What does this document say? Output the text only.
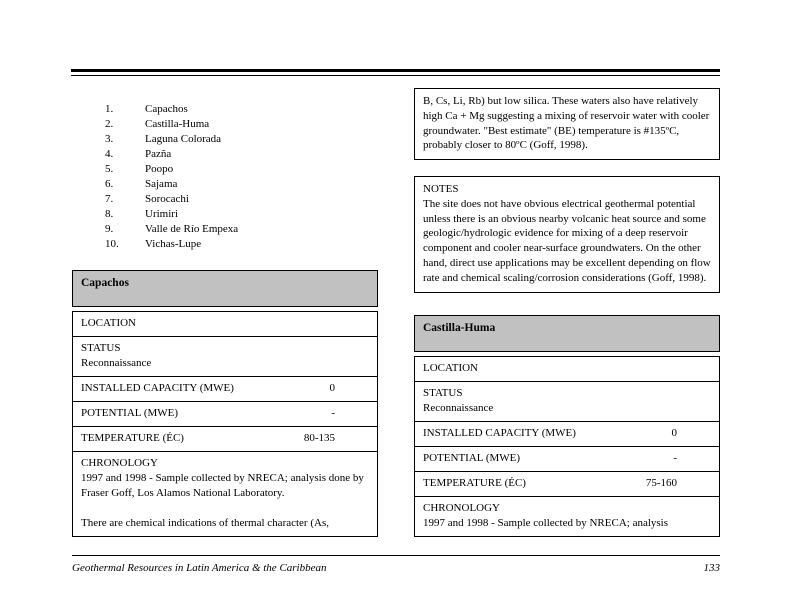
1.	Capachos
2.	Castilla-Huma
3.	Laguna Colorada
4.	Pazña
5.	Poopo
6.	Sajama
7.	Sorocachi
8.	Urimiri
9.	Valle de Río Empexa
10.	Vichas-Lupe
Capachos
LOCATION
STATUS
Reconnaissance
INSTALLED CAPACITY (MWE)	0
POTENTIAL (MWE)	-
TEMPERATURE (ÉC)	80-135
CHRONOLOGY
1997 and 1998 - Sample collected by NRECA; analysis done by Fraser Goff, Los Alamos National Laboratory.
There are chemical indications of thermal character (As,
B, Cs, Li, Rb) but low silica. These waters also have relatively high Ca + Mg suggesting a mixing of reservoir water with cooler groundwater. "Best estimate" (BE) temperature is #135ºC, probably closer to 80ºC (Goff, 1998).
NOTES
The site does not have obvious electrical geothermal potential unless there is an obvious nearby volcanic heat source and some geologic/hydrologic evidence for mixing of a deep reservoir component and cooler near-surface groundwaters. On the other hand, direct use applications may be excellent depending on flow rate and chemical scaling/corrosion considerations (Goff, 1998).
Castilla-Huma
LOCATION
STATUS
Reconnaissance
INSTALLED CAPACITY (MWE)	0
POTENTIAL (MWE)	-
TEMPERATURE (ÉC)	75-160
CHRONOLOGY
1997 and 1998 - Sample collected by NRECA; analysis
Geothermal Resources in Latin America & the Caribbean	133
